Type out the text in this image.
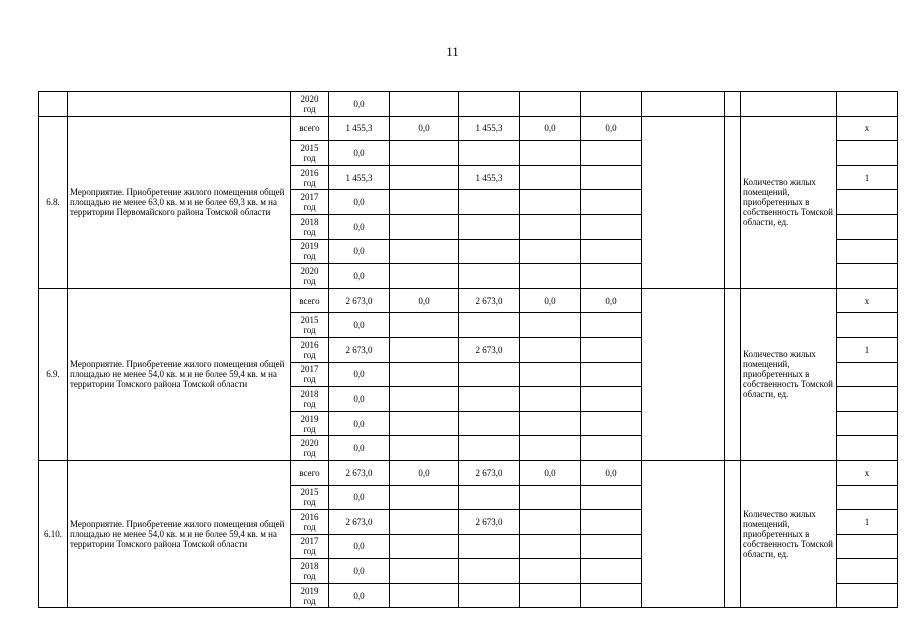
11

		2020
год	0,0								
6.8.	Мероприятие. Приобретение жилого помещения общей площадью не менее 63,0 кв. м и не более 69,3 кв. м на территории Первомайского района Томской области	всего	1 455,3	0,0	1 455,3	0,0	0,0			Количество жилых помещений, приобретенных в собственность Томской области, ед.	x

		2015
год	0,0								

		2016
год	1 455,3		1 455,3						1

		2017
год	0,0								

		2018
год	0,0								

		2019
год	0,0								

		2020
год	0,0								
6.9.	Мероприятие. Приобретение жилого помещения общей площадью не менее 54,0 кв. м и не более 59,4 кв. м на территории Томского района Томской области	всего	2 673,0	0,0	2 673,0	0,0	0,0			Количество жилых помещений, приобретенных в собственность Томской области, ед.	x

		2015
год	0,0								

		2016
год	2 673,0		2 673,0						1

		2017
год	0,0								

		2018
год	0,0								

		2019
год	0,0								

		2020
год	0,0								
6.10.	Мероприятие. Приобретение жилого помещения общей площадью не менее 54,0 кв. м и не более 59,4 кв. м на территории Томского района Томской области	всего	2 673,0	0,0	2 673,0	0,0	0,0			Количество жилых помещений, приобретенных в собственность Томской области, ед.	x

		2015
год	0,0								

		2016
год	2 673,0		2 673,0						1

		2017
год	0,0								

		2018
год	0,0								

		2019
год	0,0								
